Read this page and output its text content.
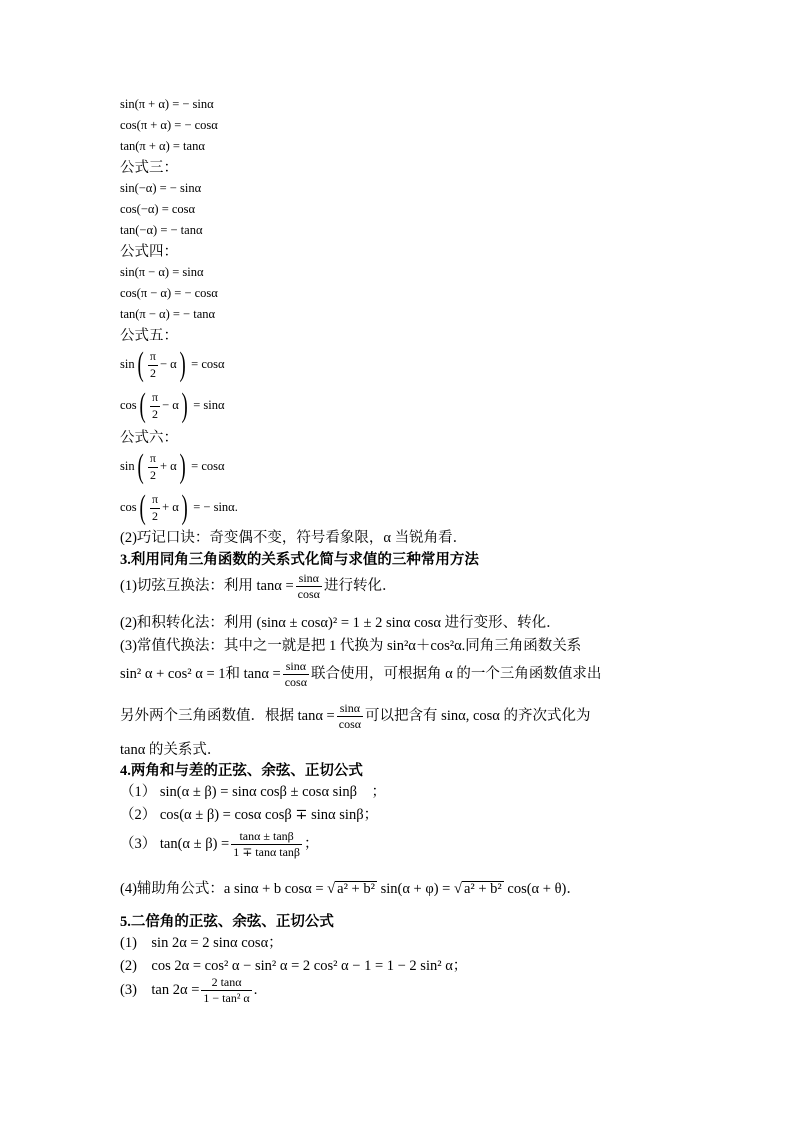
sin(π + α) = − sinα
cos(π + α) = − cosα
tan(π + α) = tanα
公式三：
sin(−α) = − sinα
cos(−α) = cosα
tan(−α) = − tanα
公式四：
sin(π − α) = sinα
cos(π − α) = − cosα
tan(π − α) = − tanα
公式五：
$\sin( \frac{\pi}{2} - \alpha) = \cos\alpha$
$\cos( \frac{\pi}{2} - \alpha) = \sin\alpha$
公式六：
$\sin( \frac{\pi}{2} + \alpha) = \cos\alpha$
$\cos( \frac{\pi}{2} + \alpha)$ = − sinα.
(2)巧记口诀：奇变偶不变，符号看象限，α 当锐角看．
3.利用同角三角函数的关系式化简与求值的三种常用方法
(1)切弦互换法：利用 $\tan\alpha = \frac{\sin\alpha}{\cos\alpha}$ 进行转化．
(2)和积转化法：利用 (sinα ± cosα)² = 1 ± 2 sinα cosα 进行变形、转化．
(3)常值代换法：其中之一就是把 1 代换为 sin²α＋cos²α.同角三角函数关系
sin² α + cos² α = 1和 $\tan\alpha = \frac{\sin\alpha}{\cos\alpha}$ 联合使用，可根据角 α 的一个三角函数值求出
另外两个三角函数值．根据 $\tan\alpha = \frac{\sin\alpha}{\cos\alpha}$ 可以把含有 sinα, cosα 的齐次式化为
tanα 的关系式．
4.两角和与差的正弦、余弦、正切公式
（1） sin(α ± β) = sinα cosβ ± cosα sinβ　；
（2） cos(α ± β) = cosα cosβ ∓ sinα sinβ；
（3） $\tan(\alpha \pm \beta) = \frac{\tan\alpha \pm \tan\beta}{\text{1 ∓ tanα tanβ}}$ ；
(4)辅助角公式：a sinα + b cosα = √ a² + b² sin(α + φ) = √ a² + b² cos(α + θ)．
5.二倍角的正弦、余弦、正切公式
(1)　sin 2α = 2 sinα cosα；
(2)　cos 2α = cos² α − sin² α = 2 cos² α − 1 = 1 − 2 sin² α；
(3)　$\tan 2\alpha = \frac{2 \tan\alpha}{\text{1 − tan² α}}$ .
